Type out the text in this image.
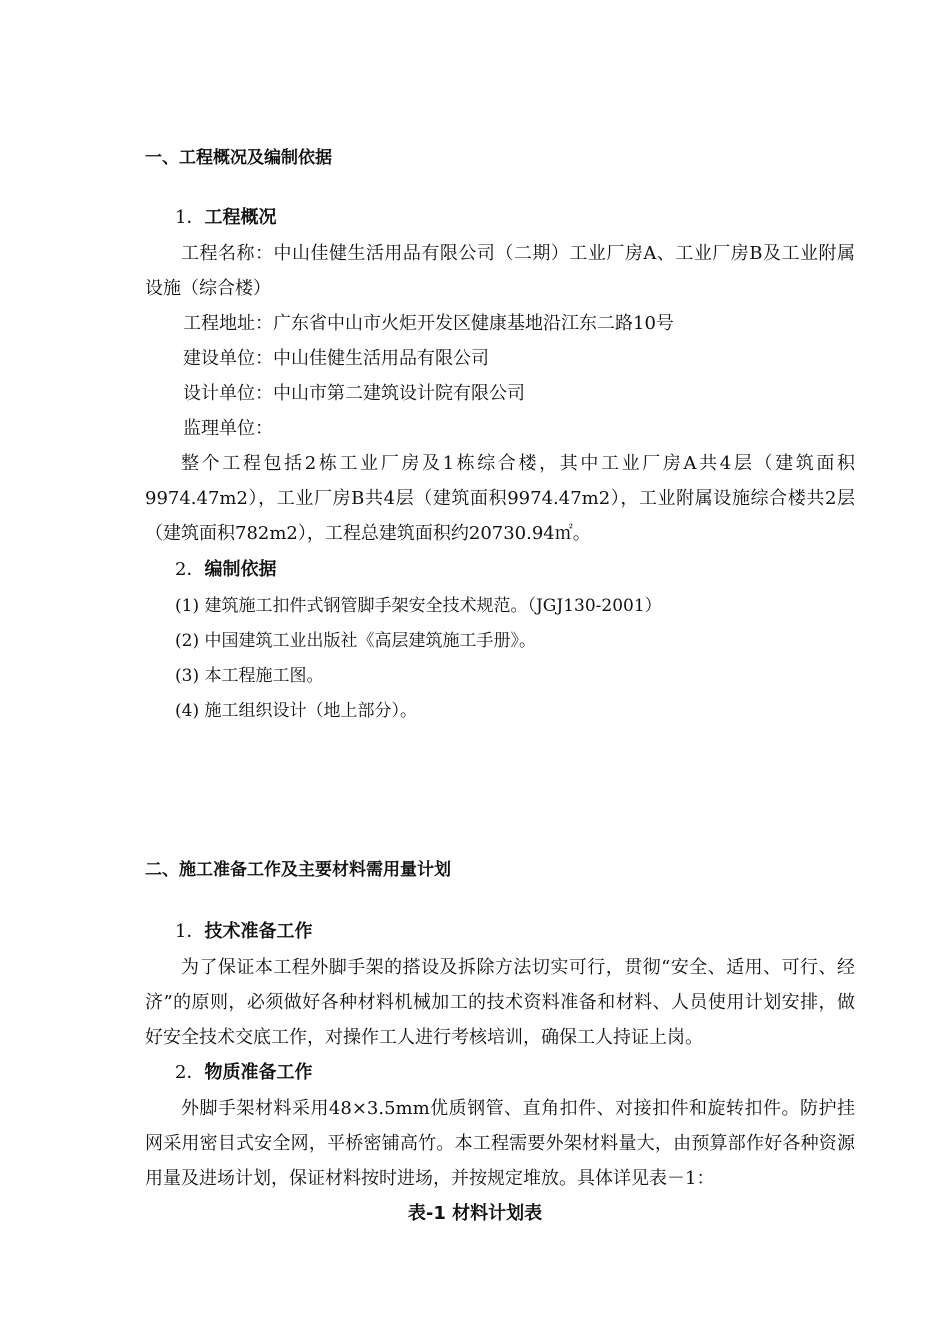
一、工程概况及编制依据
1．工程概况
工程名称：中山佳健生活用品有限公司（二期）工业厂房A、工业厂房B及工业附属设施（综合楼）
工程地址：广东省中山市火炬开发区健康基地沿江东二路10号
建设单位：中山佳健生活用品有限公司
设计单位：中山市第二建筑设计院有限公司
监理单位：
整个工程包括2栋工业厂房及1栋综合楼，其中工业厂房A共4层（建筑面积9974.47m2），工业厂房B共4层（建筑面积9974.47m2），工业附属设施综合楼共2层（建筑面积782m2），工程总建筑面积约20730.94㎡。
2．编制依据
(1) 建筑施工扣件式钢管脚手架安全技术规范。（JGJ130-2001）
(2) 中国建筑工业出版社《高层建筑施工手册》。
(3) 本工程施工图。
(4) 施工组织设计（地上部分）。
二、施工准备工作及主要材料需用量计划
1．技术准备工作
为了保证本工程外脚手架的搭设及拆除方法切实可行，贯彻“安全、适用、可行、经济”的原则，必须做好各种材料机械加工的技术资料准备和材料、人员使用计划安排，做好安全技术交底工作，对操作工人进行考核培训，确保工人持证上岗。
2．物质准备工作
外脚手架材料采用48×3.5mm优质钢管、直角扣件、对接扣件和旋转扣件。防护挂网采用密目式安全网，平桥密铺高竹。本工程需要外架材料量大，由预算部作好各种资源用量及进场计划，保证材料按时进场，并按规定堆放。具体详见表－1：
表-1 材料计划表
